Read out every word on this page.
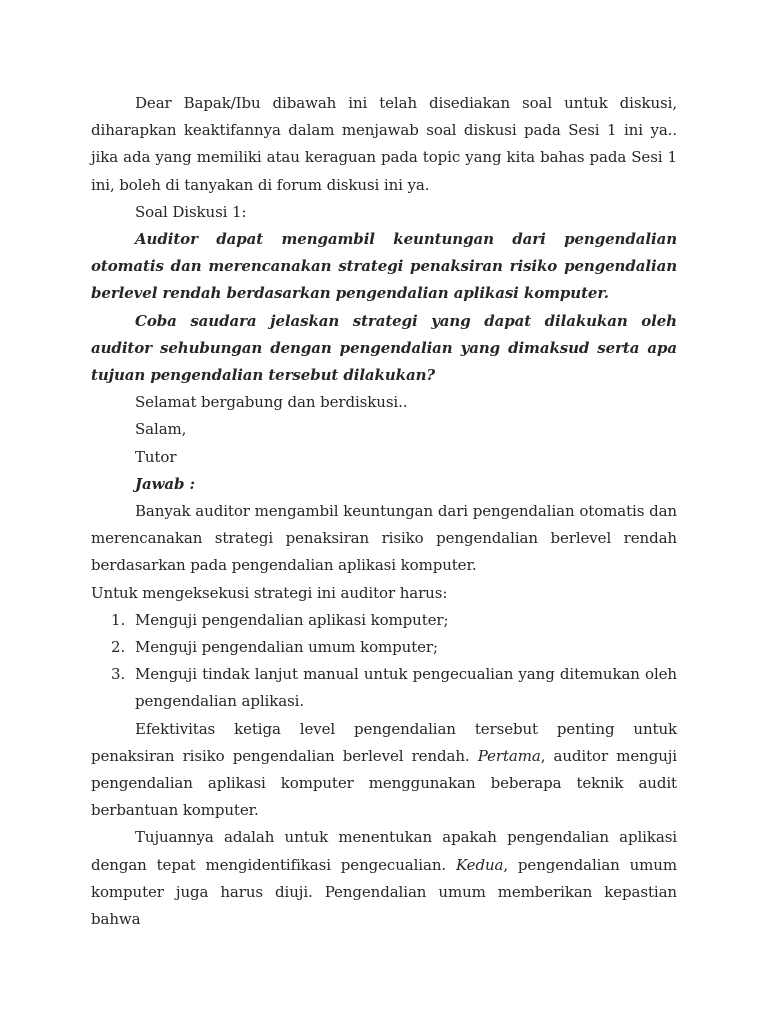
Dear Bapak/Ibu dibawah ini telah disediakan soal untuk diskusi, diharapkan keaktifannya dalam menjawab soal diskusi pada Sesi 1 ini ya.. jika ada yang memiliki atau keraguan pada topic yang kita bahas pada Sesi 1 ini, boleh di tanyakan di forum diskusi ini ya.

Soal Diskusi 1:

Auditor dapat mengambil keuntungan dari pengendalian otomatis dan merencanakan strategi penaksiran risiko pengendalian berlevel rendah berdasarkan pengendalian aplikasi komputer.

Coba saudara jelaskan strategi yang dapat dilakukan oleh auditor sehubungan dengan pengendalian yang dimaksud serta apa tujuan pengendalian tersebut dilakukan?

Selamat bergabung dan berdiskusi..

Salam,

Tutor

Jawab :

Banyak auditor mengambil keuntungan dari pengendalian otomatis dan merencanakan strategi penaksiran risiko pengendalian berlevel rendah berdasarkan pada pengendalian aplikasi komputer.

Untuk mengeksekusi strategi ini auditor harus:

1. Menguji pengendalian aplikasi komputer;
2. Menguji pengendalian umum komputer;
3. Menguji tindak lanjut manual untuk pengecualian yang ditemukan oleh pengendalian aplikasi.

Efektivitas ketiga level pengendalian tersebut penting untuk penaksiran risiko pengendalian berlevel rendah. Pertama, auditor menguji pengendalian aplikasi komputer menggunakan beberapa teknik audit berbantuan komputer.

Tujuannya adalah untuk menentukan apakah pengendalian aplikasi dengan tepat mengidentifikasi pengecualian. Kedua, pengendalian umum komputer juga harus diuji. Pengendalian umum memberikan kepastian bahwa
